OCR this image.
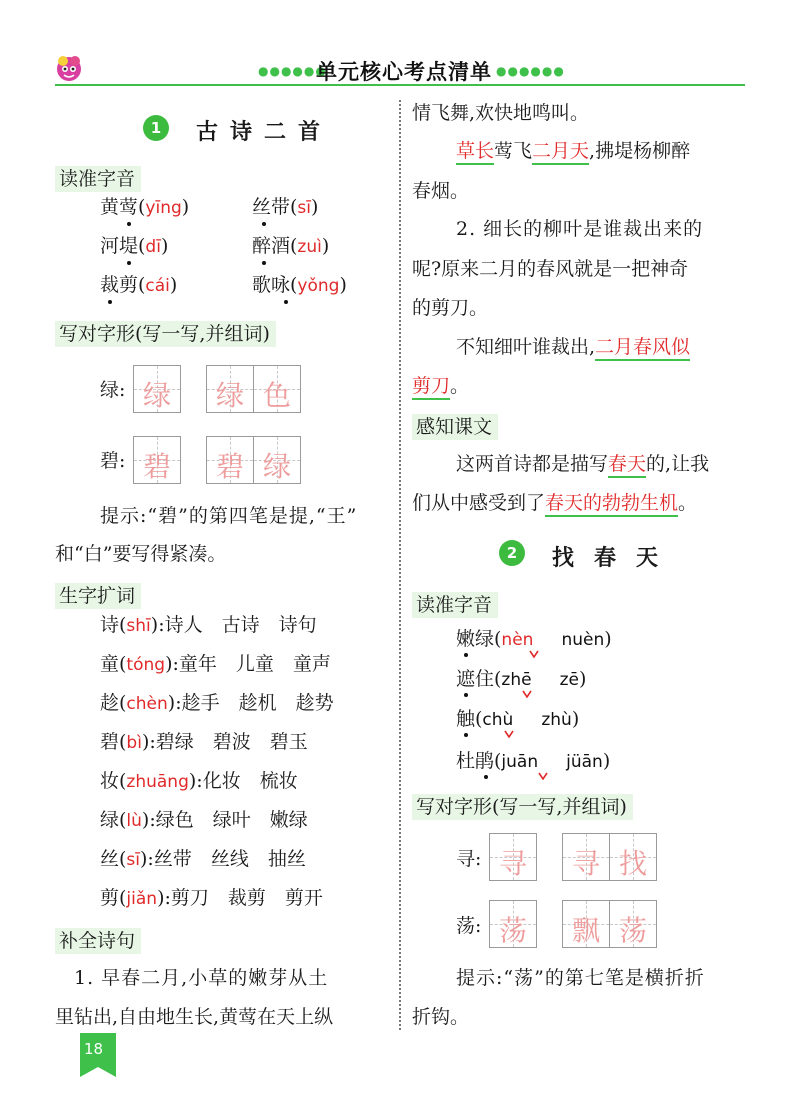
●●●●●●
单元核心考点清单 ●●●●●●
1	古诗二首
读准字音
黄莺(yīng)	丝带(sī)
河堤(dī)	醉酒(zuì)
裁剪(cái)	歌咏(yǒng)
写对字形(写一写,并组词)
绿: 绿	绿 色
碧: 碧	碧 绿
提示:“碧”的第四笔是提,“王”
和“白”要写得紧凑。
生字扩词
诗(shī):诗人　古诗　诗句
童(tóng):童年　儿童　童声
趁(chèn):趁手　趁机　趁势
碧(bì):碧绿　碧波　碧玉
妆(zhuāng):化妆　梳妆
绿(lù):绿色　绿叶　嫩绿
丝(sī):丝带　丝线　抽丝
剪(jiǎn):剪刀　裁剪　剪开
补全诗句
1. 早春二月,小草的嫩芽从土
里钻出,自由地生长,黄莺在天上纵
18
情飞舞,欢快地鸣叫。
草长莺飞二月天,拂堤杨柳醉
春烟。
2. 细长的柳叶是谁裁出来的
呢?原来二月的春风就是一把神奇
的剪刀。
不知细叶谁裁出,二月春风似
剪刀。
感知课文
这两首诗都是描写春天的,让我
们从中感受到了春天的勃勃生机。
2	找春天
读准字音
嫩绿(nèn nuèn)
遮住(zhē zē)
触(chù zhù)
杜鹃(juān jüān)
写对字形(写一写,并组词)
寻: 寻	寻 找
荡: 荡	飘 荡
提示:“荡”的第七笔是横折折
折钩。
